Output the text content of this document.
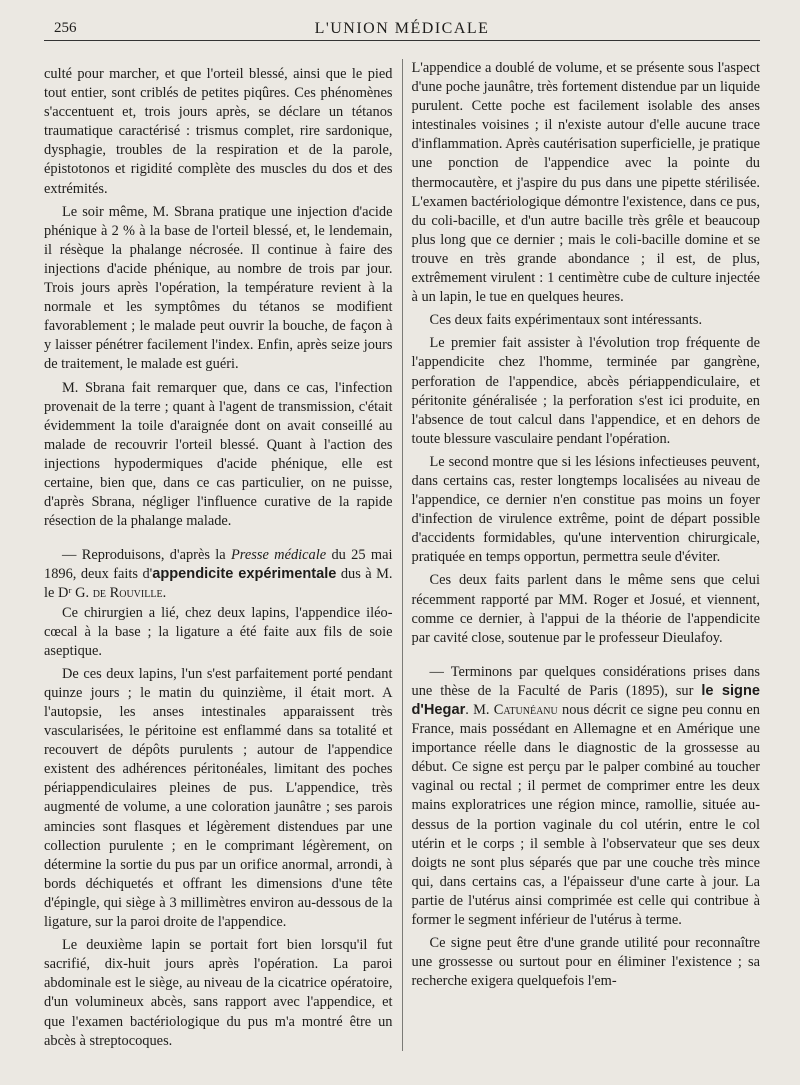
256	L'UNION MÉDICALE

culté pour marcher, et que l'orteil blessé, ainsi que le pied tout entier, sont criblés de petites piqûres. Ces phénomènes s'accentuent et, trois jours après, se déclare un tétanos traumatique caractérisé : trismus complet, rire sardonique, dysphagie, troubles de la respiration et de la parole, épistotonos et rigidité complète des muscles du dos et des extrémités.

Le soir même, M. Sbrana pratique une injection d'acide phénique à 2 % à la base de l'orteil blessé, et, le lendemain, il résèque la phalange nécrosée. Il continue à faire des injections d'acide phénique, au nombre de trois par jour. Trois jours après l'opération, la température revient à la normale et les symptômes du tétanos se modifient favorablement ; le malade peut ouvrir la bouche, de façon à y laisser pénétrer facilement l'index. Enfin, après seize jours de traitement, le malade est guéri.

M. Sbrana fait remarquer que, dans ce cas, l'infection provenait de la terre ; quant à l'agent de transmission, c'était évidemment la toile d'araignée dont on avait conseillé au malade de recouvrir l'orteil blessé. Quant à l'action des injections hypodermiques d'acide phénique, elle est certaine, bien que, dans ce cas particulier, on ne puisse, d'après Sbrana, négliger l'influence curative de la rapide résection de la phalange malade.

— Reproduisons, d'après la Presse médicale du 25 mai 1896, deux faits d'appendicite expérimentale dus à M. le Dʳ G. de Rouville.

Ce chirurgien a lié, chez deux lapins, l'appendice iléo-cœcal à la base ; la ligature a été faite aux fils de soie aseptique.

De ces deux lapins, l'un s'est parfaitement porté pendant quinze jours ; le matin du quinzième, il était mort. A l'autopsie, les anses intestinales apparaissent très vascularisées, le péritoine est enflammé dans sa totalité et recouvert de dépôts purulents ; autour de l'appendice existent des adhérences péritonéales, limitant des poches périappendiculaires pleines de pus. L'appendice, très augmenté de volume, a une coloration jaunâtre ; ses parois amincies sont flasques et légèrement distendues par une collection purulente ; en le comprimant légèrement, on détermine la sortie du pus par un orifice anormal, arrondi, à bords déchiquetés et offrant les dimensions d'une tête d'épingle, qui siège à 3 millimètres environ au-dessous de la ligature, sur la paroi droite de l'appendice.

Le deuxième lapin se portait fort bien lorsqu'il fut sacrifié, dix-huit jours après l'opération. La paroi abdominale est le siège, au niveau de la cicatrice opératoire, d'un volumineux abcès, sans rapport avec l'appendice, et que l'examen bactériologique du pus m'a montré être un abcès à streptocoques.

L'appendice a doublé de volume, et se présente sous l'aspect d'une poche jaunâtre, très fortement distendue par un liquide purulent. Cette poche est facilement isolable des anses intestinales voisines ; il n'existe autour d'elle aucune trace d'inflammation. Après cautérisation superficielle, je pratique une ponction de l'appendice avec la pointe du thermocautère, et j'aspire du pus dans une pipette stérilisée. L'examen bactériologique démontre l'existence, dans ce pus, du coli-bacille, et d'un autre bacille très grêle et beaucoup plus long que ce dernier ; mais le coli-bacille domine et se trouve en très grande abondance ; il est, de plus, extrêmement virulent : 1 centimètre cube de culture injectée à un lapin, le tue en quelques heures.

Ces deux faits expérimentaux sont intéressants.

Le premier fait assister à l'évolution trop fréquente de l'appendicite chez l'homme, terminée par gangrène, perforation de l'appendice, abcès périappendiculaire, et péritonite généralisée ; la perforation s'est ici produite, en l'absence de tout calcul dans l'appendice, et en dehors de toute blessure vasculaire pendant l'opération.

Le second montre que si les lésions infectieuses peuvent, dans certains cas, rester longtemps localisées au niveau de l'appendice, ce dernier n'en constitue pas moins un foyer d'infection de virulence extrême, point de départ possible d'accidents formidables, qu'une intervention chirurgicale, pratiquée en temps opportun, permettra seule d'éviter.

Ces deux faits parlent dans le même sens que celui récemment rapporté par MM. Roger et Josué, et viennent, comme ce dernier, à l'appui de la théorie de l'appendicite par cavité close, soutenue par le professeur Dieulafoy.

— Terminons par quelques considérations prises dans une thèse de la Faculté de Paris (1895), sur le signe d'Hegar. M. Catunéanu nous décrit ce signe peu connu en France, mais possédant en Allemagne et en Amérique une importance réelle dans le diagnostic de la grossesse au début. Ce signe est perçu par le palper combiné au toucher vaginal ou rectal ; il permet de comprimer entre les deux mains exploratrices une région mince, ramollie, située au-dessus de la portion vaginale du col utérin, entre le col utérin et le corps ; il semble à l'observateur que ses deux doigts ne sont plus séparés que par une couche très mince qui, dans certains cas, a l'épaisseur d'une carte à jour. La partie de l'utérus ainsi comprimée est celle qui contribue à former le segment inférieur de l'utérus à terme.

Ce signe peut être d'une grande utilité pour reconnaître une grossesse ou surtout pour en éliminer l'existence ; sa recherche exigera quelquefois l'em-
